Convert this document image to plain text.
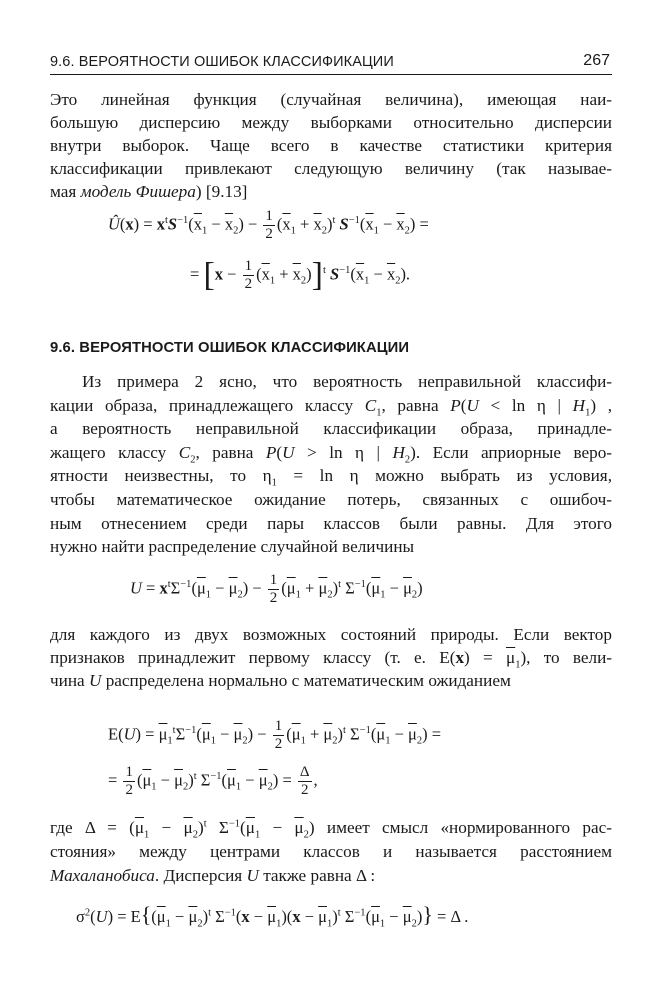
9.6. ВЕРОЯТНОСТИ ОШИБОК КЛАССИФИКАЦИИ	267
Это линейная функция (случайная величина), имеющая наи-
большую дисперсию между выборками относительно дисперсии
внутри выборок. Чаще всего в качестве статистики критерия
классификации привлекают следующую величину (так называе-
мая модель Фишера) [9.13]
Û(x) = $x^tS^{-1}(\overline{x}_1 - \overline{x}_2) - \frac{1}{2} (\overline{x}_1 + \overline{x}_2)^t$ $S^{-1}(\overline{x}_1 - \overline{x}_2)$ =
= $[x - \frac{1}{2} (\overline{x}_1 + \overline{x}_2)]^t$ $S^{-1}(\overline{x}_1 - \overline{x}_2)$.
9.6. ВЕРОЯТНОСТИ ОШИБОК КЛАССИФИКАЦИИ
Из примера 2 ясно, что вероятность неправильной классифи-
кации образа, принадлежащего классу $C_1$, равна P(U < ln η | $H_1$) ,
а вероятность неправильной классификации образа, принадле-
жащего классу $C_2$, равна P(U > ln η | $H_2$). Если априорные веро-
ятности неизвестны, то $\eta_1 = \ln \eta$ можно выбрать из условия,
чтобы математическое ожидание потерь, связанных с ошибоч-
ным отнесением среди пары классов были равны. Для этого
нужно найти распределение случайной величины
$U = x^t\Sigma^{-1}(\overline{\mu}_1 - \overline{\mu}_2) - \frac{1}{2} (\overline{\mu}_1 + \overline{\mu}_2)^t$ $\Sigma^{-1}(\overline{\mu}_1 - \overline{\mu}_2)$
для каждого из двух возможных состояний природы. Если вектор
признаков принадлежит первому классу (т. е. $E(x) = \overline{\mu}_1$), то вели-
чина U распределена нормально с математическим ожиданием
$E(U) = \overline{\mu}_1^t\Sigma^{-1}(\overline{\mu}_1 - \overline{\mu}_2) - \frac{1}{2} (\overline{\mu}_1 + \overline{\mu}_2)^t$ $\Sigma^{-1}(\overline{\mu}_1 - \overline{\mu}_2)$ =
= $\frac{1}{2} (\overline{\mu}_1 - \overline{\mu}_2)^t$ $\Sigma^{-1}(\overline{\mu}_1 - \overline{\mu}_2) = \frac{\Delta}{2}$ ,
где $\Delta = (\overline{\mu}_1 - \overline{\mu}_2)^t$ $\Sigma^{-1}(\overline{\mu}_1 - \overline{\mu}_2)$ имеет смысл «нормированного рас-
стояния» между центрами классов и называется расстоянием
Махаланобиса. Дисперсия U также равна Δ :
$\sigma^2(U) = E\{(\overline{\mu}_1 - \overline{\mu}_2)^t$ $\Sigma^{-1}(x - \overline{\mu}_1)(x - \overline{\mu}_1)^t$ $\Sigma^{-1}(\overline{\mu}_1 - \overline{\mu}_2)\} = \Delta$ .
